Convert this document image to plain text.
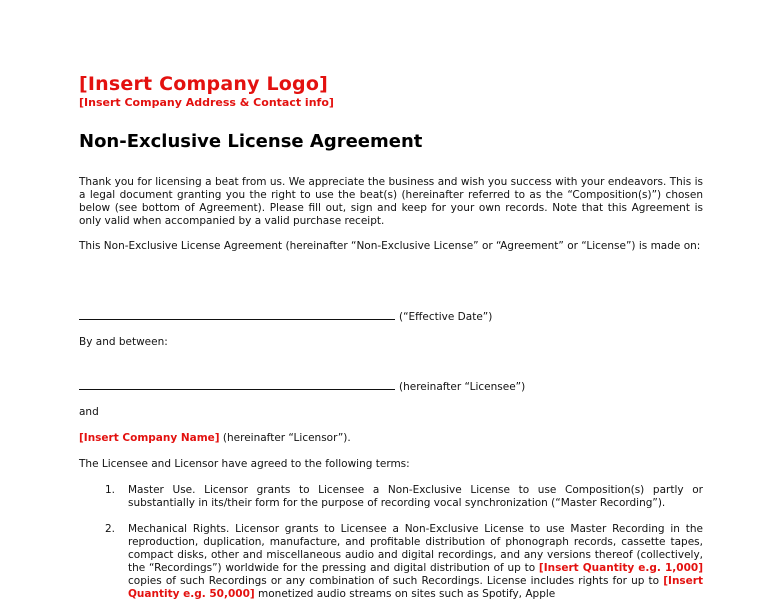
[Insert Company Logo]
[Insert Company Address & Contact info]
Non-Exclusive License Agreement

Thank you for licensing a beat from us. We appreciate the business and wish you success with your endeavors. This is a legal document granting you the right to use the beat(s) (hereinafter referred to as the “Composition(s)”) chosen below (see bottom of Agreement). Please fill out, sign and keep for your own records. Note that this Agreement is only valid when accompanied by a valid purchase receipt.

This Non-Exclusive License Agreement (hereinafter “Non-Exclusive License” or “Agreement” or “License”) is made on:

(“Effective Date”)
By and between:
(hereinafter “Licensee”)
and
[Insert Company Name] (hereinafter “Licensor”).
The Licensee and Licensor have agreed to the following terms:
1. Master Use. Licensor grants to Licensee a Non-Exclusive License to use Composition(s) partly or substantially in its/their form for the purpose of recording vocal synchronization (“Master Recording”).
2. Mechanical Rights. Licensor grants to Licensee a Non-Exclusive License to use Master Recording in the reproduction, duplication, manufacture, and profitable distribution of phonograph records, cassette tapes, compact disks, other and miscellaneous audio and digital recordings, and any versions thereof (collectively, the “Recordings”) worldwide for the pressing and digital distribution of up to [Insert Quantity e.g. 1,000] copies of such Recordings or any combination of such Recordings. License includes rights for up to [Insert Quantity e.g. 50,000] monetized audio streams on sites such as Spotify, Apple
